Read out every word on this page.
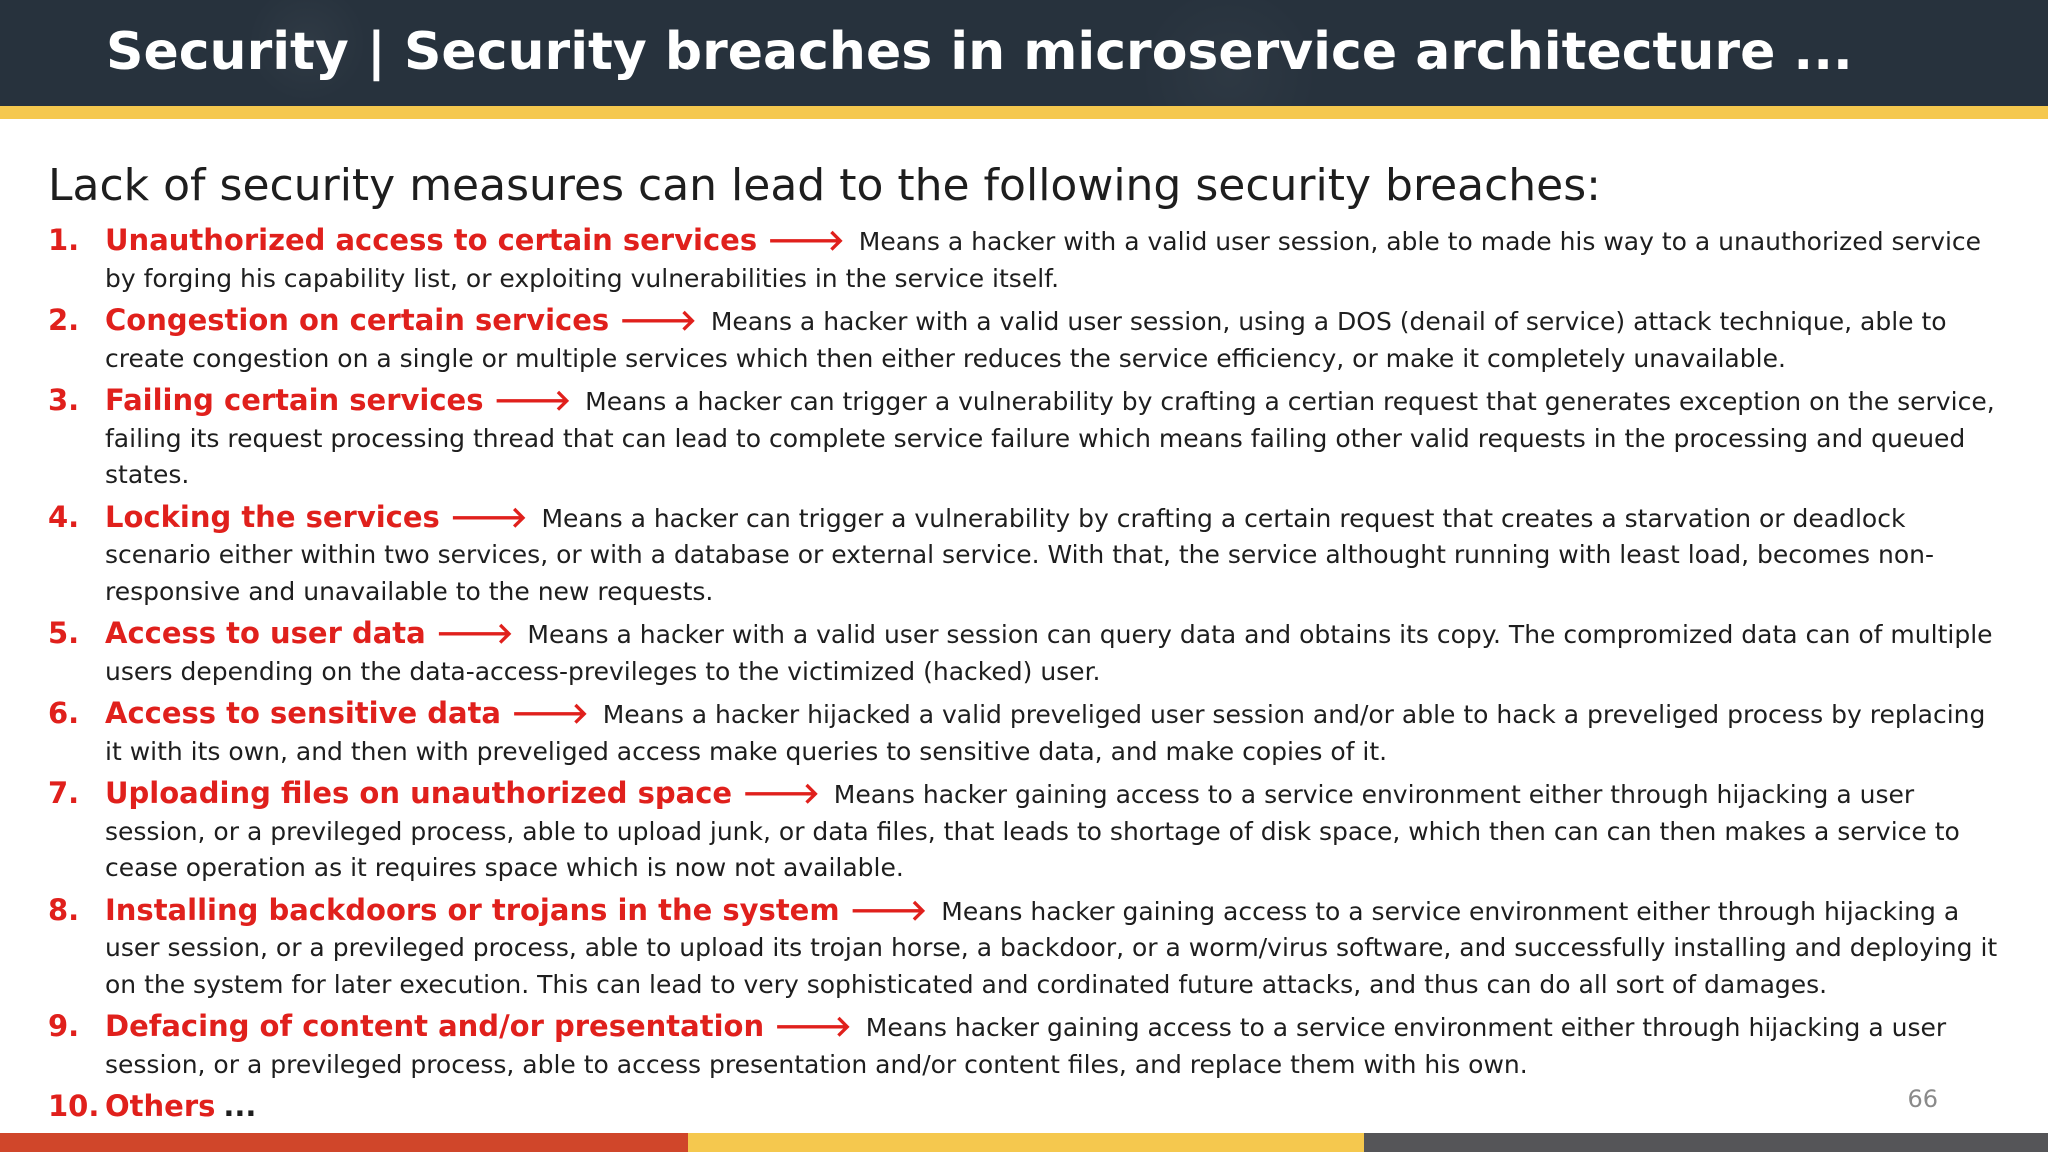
Security | Security breaches in microservice architecture ...

Lack of security measures can lead to the following security breaches:

1. Unauthorized access to certain services 🡒 Means a hacker with a valid user session, able to made his way to a unauthorized service by forging his capability list, or exploiting vulnerabilities in the service itself.
2. Congestion on certain services 🡒 Means a hacker with a valid user session, using a DOS (denail of service) attack technique, able to create congestion on a single or multiple services which then either reduces the service efficiency, or make it completely unavailable.
3. Failing certain services 🡒 Means a hacker can trigger a vulnerability by crafting a certian request that generates exception on the service, failing its request processing thread that can lead to complete service failure which means failing other valid requests in the processing and queued states.
4. Locking the services 🡒 Means a hacker can trigger a vulnerability by crafting a certain request that creates a starvation or deadlock scenario either within two services, or with a database or external service. With that, the service althought running with least load, becomes non-responsive and unavailable to the new requests.
5. Access to user data 🡒 Means a hacker with a valid user session can query data and obtains its copy. The compromized data can of multiple users depending on the data-access-previleges to the victimized (hacked) user.
6. Access to sensitive data 🡒 Means a hacker hijacked a valid preveliged user session and/or able to hack a preveliged process by replacing it with its own, and then with preveliged access make queries to sensitive data, and make copies of it.
7. Uploading files on unauthorized space 🡒 Means hacker gaining access to a service environment either through hijacking a user session, or a previleged process, able to upload junk, or data files, that leads to shortage of disk space, which then can can then makes a service to cease operation as it requires space which is now not available.
8. Installing backdoors or trojans in the system 🡒 Means hacker gaining access to a service environment either through hijacking a user session, or a previleged process, able to upload its trojan horse, a backdoor, or a worm/virus software, and successfully installing and deploying it on the system for later execution. This can lead to very sophisticated and cordinated future attacks, and thus can do all sort of damages.
9. Defacing of content and/or presentation 🡒 Means hacker gaining access to a service environment either through hijacking a user session, or a previleged process, able to access presentation and/or content files, and replace them with his own.
10. Others ...	66
